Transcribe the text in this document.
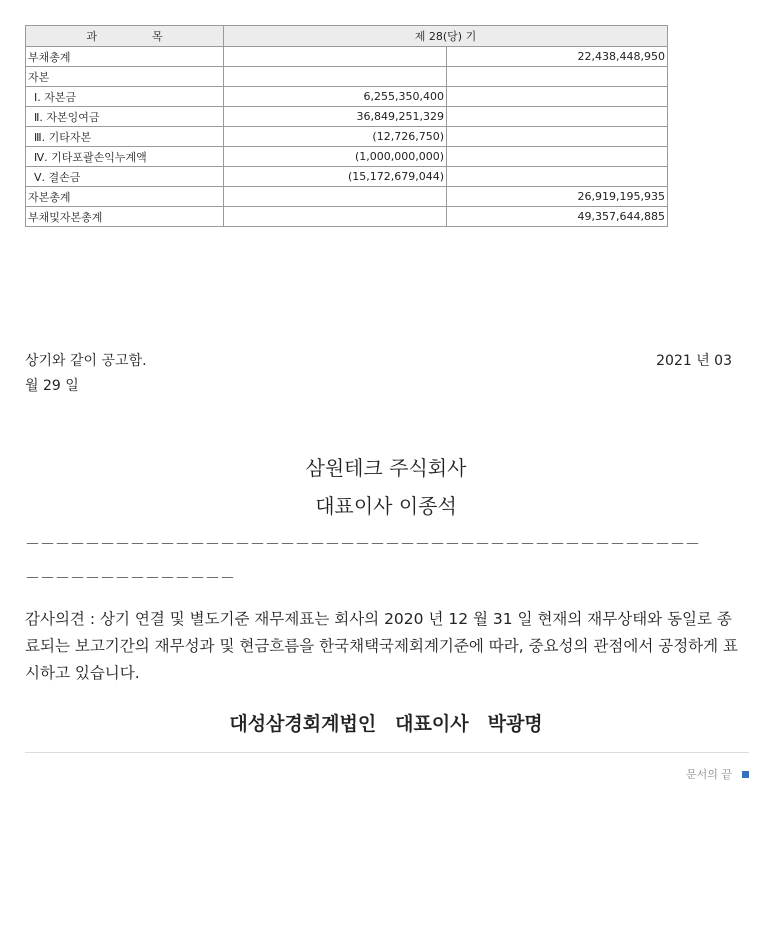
과　　　　　목	제 28(당) 기	
부채총계		22,438,448,950
자본		
Ⅰ. 자본금	6,255,350,400	
Ⅱ. 자본잉여금	36,849,251,329	
Ⅲ. 기타자본	(12,726,750)	
Ⅳ. 기타포괄손익누계액	(1,000,000,000)	
Ⅴ. 결손금	(15,172,679,044)	
자본총계		26,919,195,935
부채및자본총계		49,357,644,885
상기와 같이 공고함.	2021 년 03
월 29 일
삼원테크 주식회사
대표이사 이종석
－－－－－－－－－－－－－－－－－－－－－－－－－－－－－－－－－－－－－－－－－－－－－
－－－－－－－－－－－－－－
감사의견 : 상기 연결 및 별도기준 재무제표는 회사의 2020 년 12 월 31 일 현재의 재무상태와 동일로 종료되는 보고기간의 재무성과 및 현금흐름을 한국채택국제회계기준에 따라, 중요성의 관점에서 공정하게 표시하고 있습니다.
대성삼경회계법인　대표이사　박광명
문서의 끝
